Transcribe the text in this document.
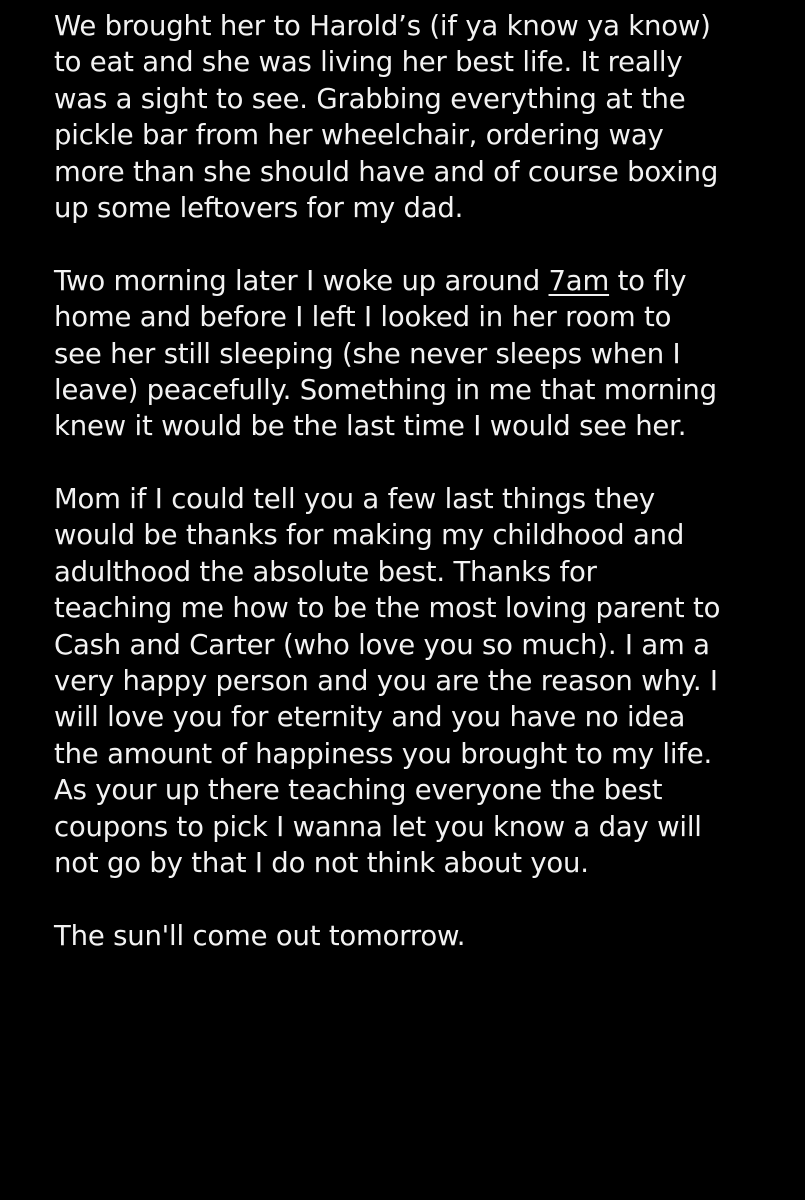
We brought her to Harold’s (if ya know ya know)
to eat and she was living her best life. It really
was a sight to see. Grabbing everything at the
pickle bar from her wheelchair, ordering way
more than she should have and of course boxing
up some leftovers for my dad.
Two morning later I woke up around 7am to fly
home and before I left I looked in her room to
see her still sleeping (she never sleeps when I
leave) peacefully. Something in me that morning
knew it would be the last time I would see her.
Mom if I could tell you a few last things they
would be thanks for making my childhood and
adulthood the absolute best. Thanks for
teaching me how to be the most loving parent to
Cash and Carter (who love you so much). I am a
very happy person and you are the reason why. I
will love you for eternity and you have no idea
the amount of happiness you brought to my life.
As your up there teaching everyone the best
coupons to pick I wanna let you know a day will
not go by that I do not think about you.
The sun'll come out tomorrow.
